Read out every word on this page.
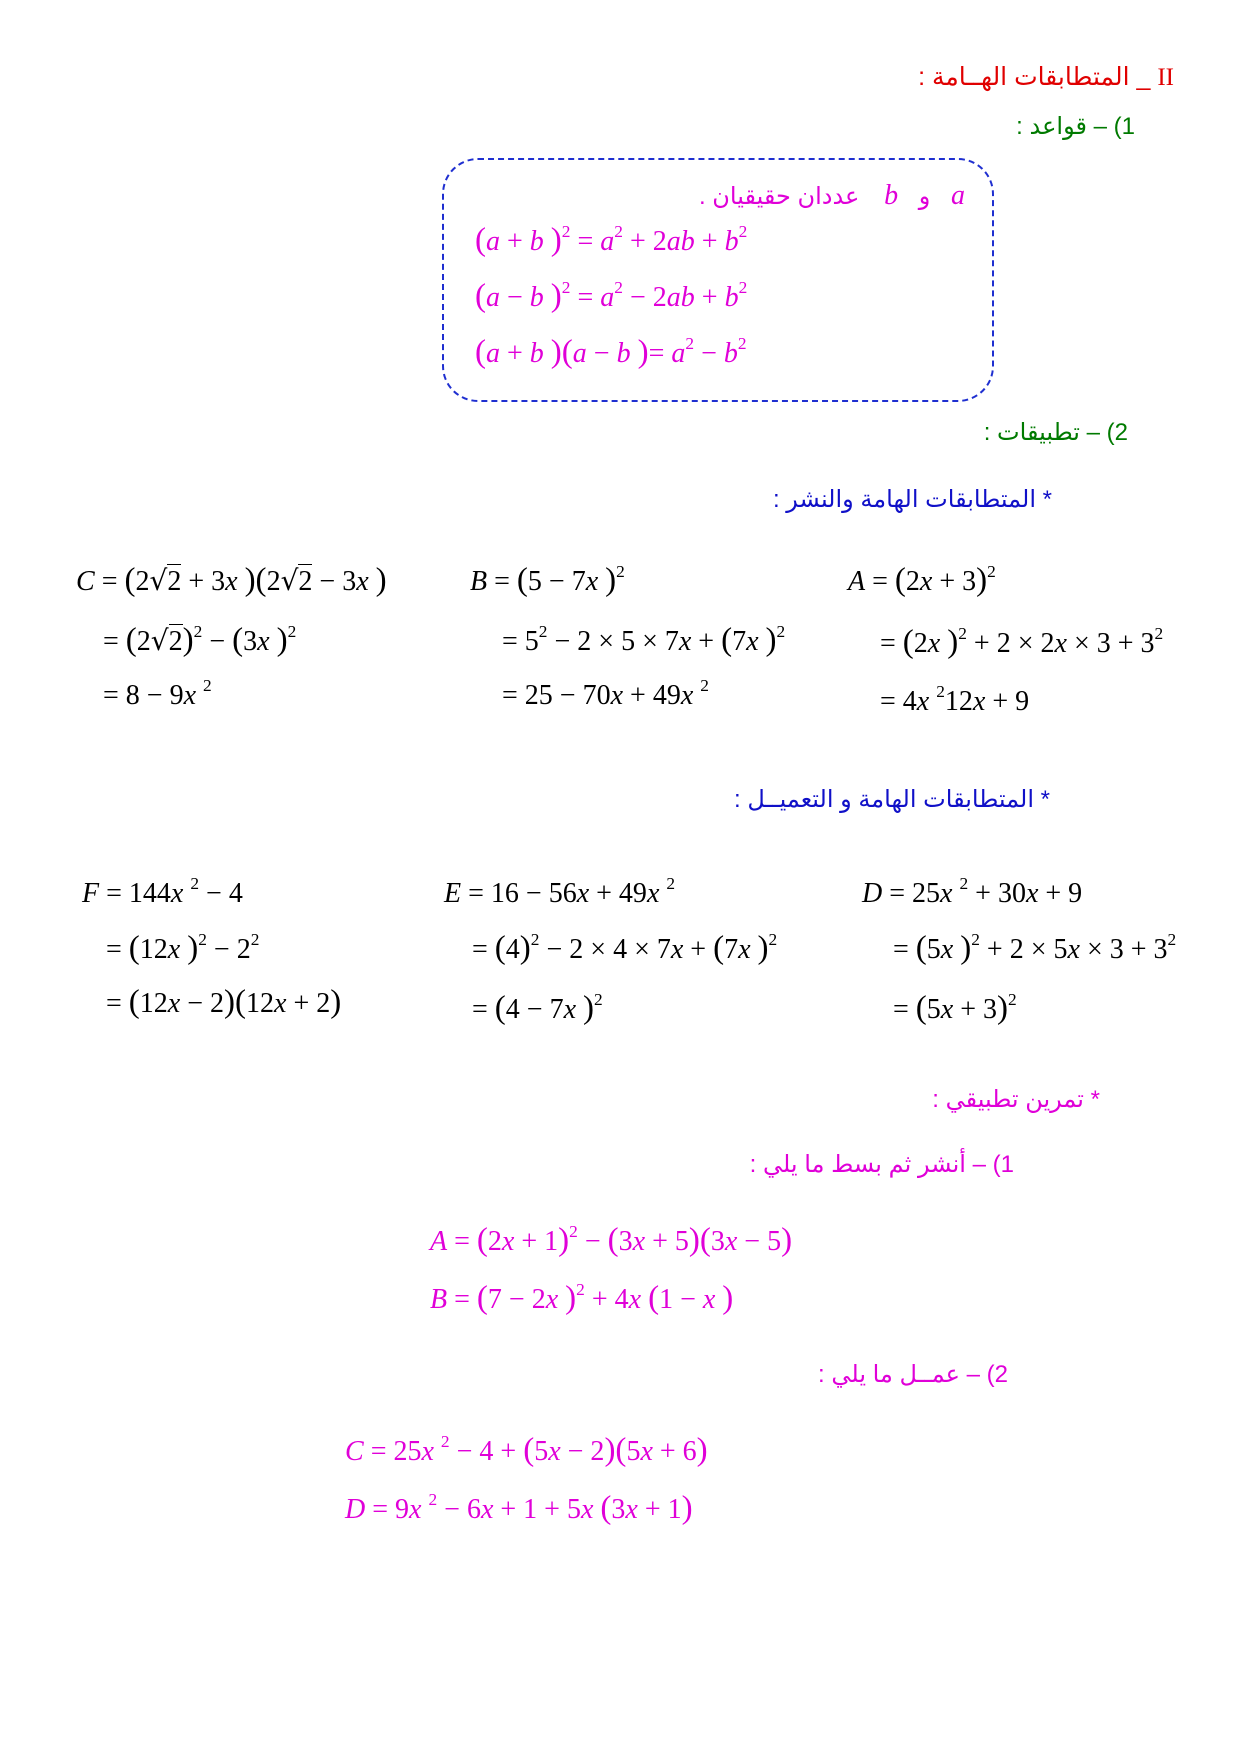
II _ المتطابقات الهــامة :
1) – قواعد :
a و b عددان حقيقيان .
(a + b )$^2 = a^2 + 2ab + b^2$
(a − b )$^2 = a^2 - 2ab + b^2$
(a + b )(a − b )= $a^2 - b^2$
2) – تطبيقات :
* المتطابقات الهامة والنشر :
C = (2√2 + 3x )(2√2 − 3x )
= $(2√2)^2 - (3x$ )$^2$
= 8 − 9x $^2$
B = (5 − 7x )$^2$
= $5^2 - 2 \times 5 \times 7x + (7x$ )$^2$
= 25 − 70x + 49x $^2$
$A = (2x + 3)^2$
= (2x )$^2 + 2 \times 2x \times 3 + 3^2$
= 4x $^2$12x + 9
* المتطابقات الهامة و التعميــل :
F = 144x $^2$ − 4
= (12x )$^2 - 2^2$
= (12x − 2)(12x + 2)
E = 16 − 56x + 49x $^2$
= $(4)^2 - 2 \times 4 \times 7x + (7x$ )$^2$
= (4 − 7x )$^2$
D = 25x $^2$ + 30x + 9
= (5x )$^2 + 2 \times 5x \times 3 + 3^2$
= $(5x + 3)^2$
* تمرين تطبيقي :
1) – أنشر ثم بسط ما يلي :
$A = (2x + 1)^2 - (3x + 5)(3x - 5)$
B = (7 − 2x )$^2$ + 4x (1 − x )
2) – عمــل ما يلي :
C = 25x $^2$ − 4 + (5x − 2)(5x + 6)
D = 9x $^2$ − 6x + 1 + 5x (3x + 1)
